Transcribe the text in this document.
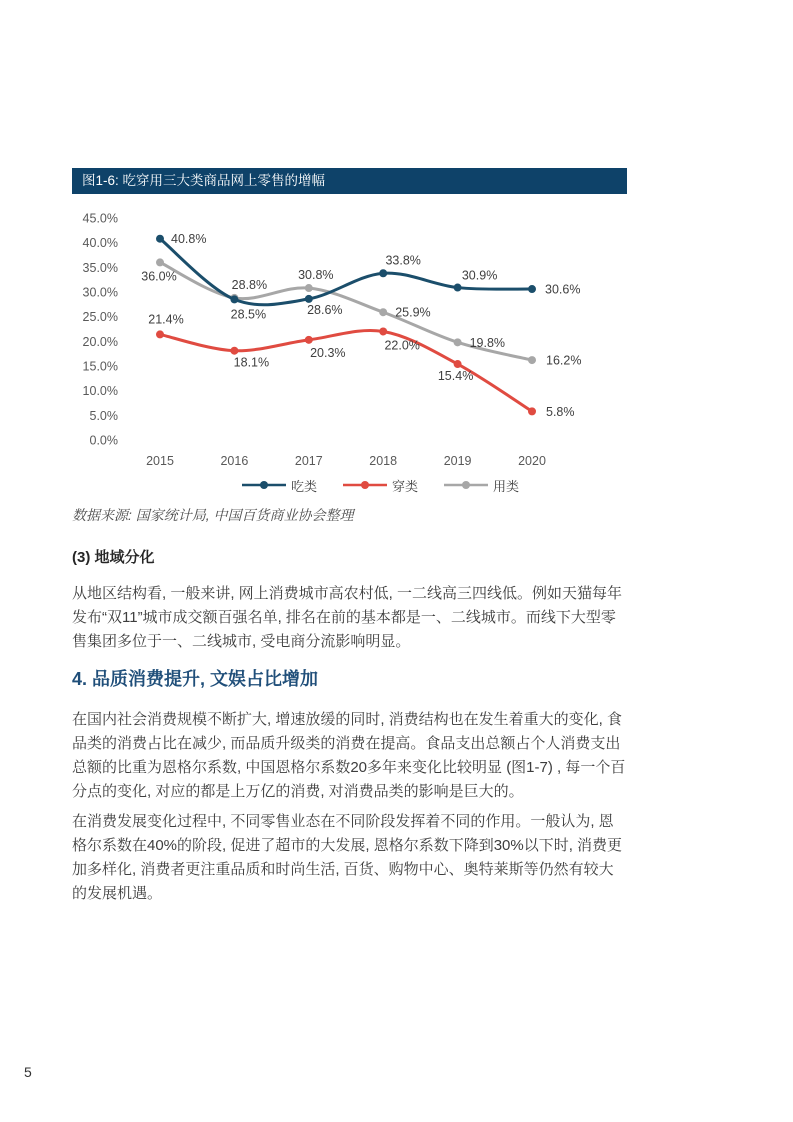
图1-6: 吃穿用三大类商品网上零售的增幅
45.0%
40.0%
35.0%
30.0%
25.0%
20.0%
15.0%
10.0%
5.0%
0.0%
2015	2016	2017	2018	2019	2020
40.8%
28.5%	28.6%
33.8%
30.9%
30.6%
21.4%
18.1%
20.3%
22.0%
15.4%
5.8%
36.0%
28.8%
30.8%
25.9%
19.8%
16.2%
吃类	穿类	用类
数据来源: 国家统计局, 中国百货商业协会整理
(3) 地域分化

从地区结构看, 一般来讲, 网上消费城市高农村低, 一二线高三四线低。例如天猫每年发布“双11”城市成交额百强名单, 排名在前的基本都是一、二线城市。而线下大型零售集团多位于一、二线城市, 受电商分流影响明显。

4. 品质消费提升, 文娱占比增加

在国内社会消费规模不断扩大, 增速放缓的同时, 消费结构也在发生着重大的变化, 食品类的消费占比在减少, 而品质升级类的消费在提高。食品支出总额占个人消费支出总额的比重为恩格尔系数, 中国恩格尔系数20多年来变化比较明显 (图1-7) , 每一个百分点的变化, 对应的都是上万亿的消费, 对消费品类的影响是巨大的。

在消费发展变化过程中, 不同零售业态在不同阶段发挥着不同的作用。一般认为, 恩格尔系数在40%的阶段, 促进了超市的大发展, 恩格尔系数下降到30%以下时, 消费更加多样化, 消费者更注重品质和时尚生活, 百货、购物中心、奥特莱斯等仍然有较大的发展机遇。

5
